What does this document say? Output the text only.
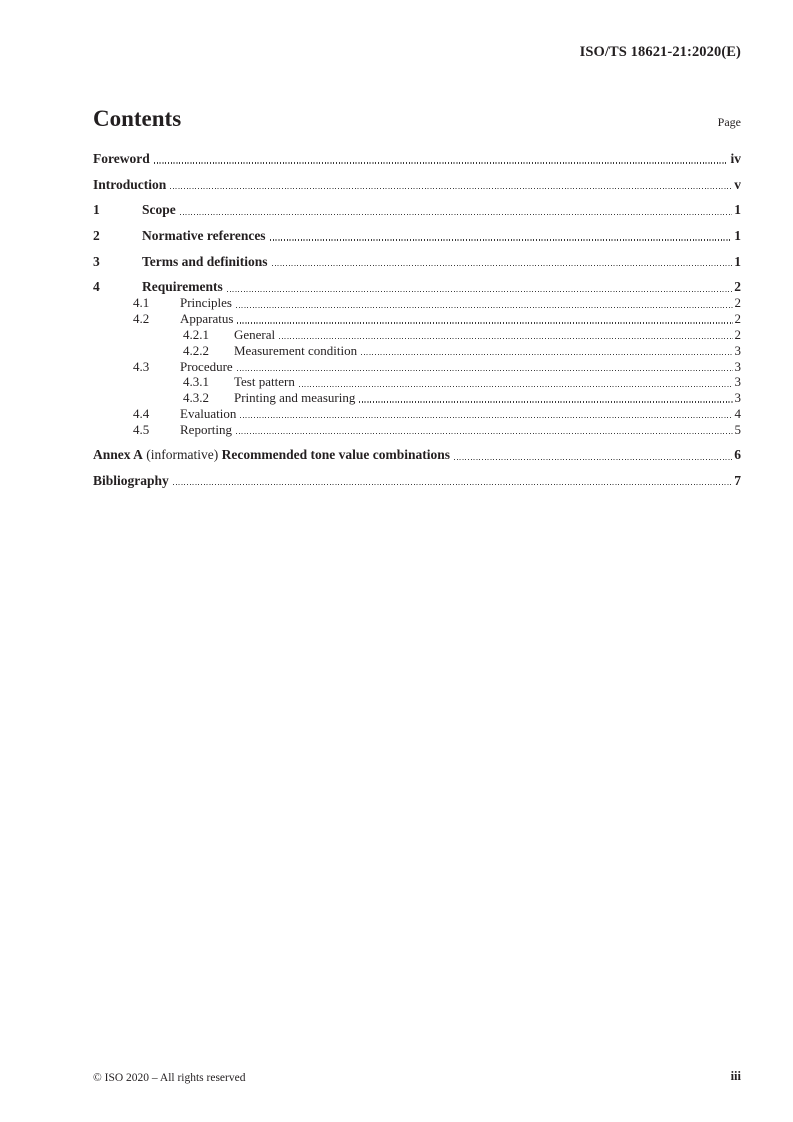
ISO/TS 18621-21:2020(E)
Contents	Page
Foreword	iv
Introduction	v
1	Scope	1
2	Normative references	1
3	Terms and definitions	1
4	Requirements	2
4.1	Principles	2
4.2	Apparatus	2
4.2.1	General	2
4.2.2	Measurement condition	3
4.3	Procedure	3
4.3.1	Test pattern	3
4.3.2	Printing and measuring	3
4.4	Evaluation	4
4.5	Reporting	5
Annex A (informative) Recommended tone value combinations	6
Bibliography	7
© ISO 2020 – All rights reserved	iii
